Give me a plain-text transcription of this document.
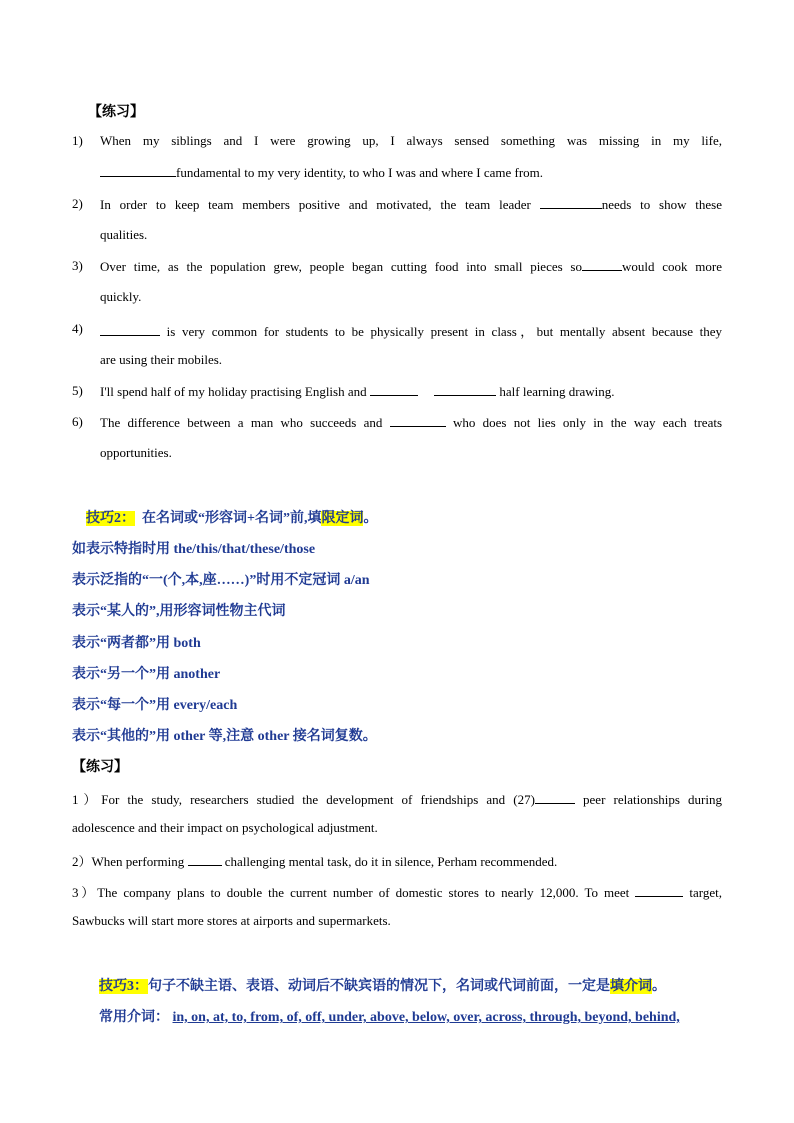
【练习】
1)	When my siblings and I were growing up, I always sensed something was missing in my life,
fundamental to my very identity, to who I was and where I came from.
2)	In order to keep team members positive and motivated, the team leader	needs to show these
qualities.
3)	Over time, as the population grew, people began cutting food into small pieces so	would cook more
quickly.
4)	is very common for students to be physically present in class，but mentally absent because they
are using their mobiles.
5)	I'll spend half of my holiday practising English and	half learning drawing.
6)	The difference between a man who succeeds and	who does not lies only in the way each treats
opportunities.
技巧2： 在名词或“形容词+名词”前,填限定词。
如表示特指时用 the/this/that/these/those
表示泛指的“一(个,本,座……)”时用不定冠词 a/an
表示“某人的”,用形容词性物主代词
表示“两者都”用 both
表示“另一个”用 another
表示“每一个”用 every/each
表示“其他的”用 other 等,注意 other 接名词复数。
【练习】
1）For the study, researchers studied the development of friendships and (27)	peer relationships during
adolescence and their impact on psychological adjustment.
2）When performing	challenging mental task, do it in silence, Perham recommended.
3）The company plans to double the current number of domestic stores to nearly 12,000. To meet	target,
Sawbucks will start more stores at airports and supermarkets.
技巧3：句子不缺主语、表语、动词后不缺宾语的情况下，名词或代词前面，一定是填介词。
常用介词： in, on, at, to, from, of, off, under, above, below, over, across, through, beyond, behind,
